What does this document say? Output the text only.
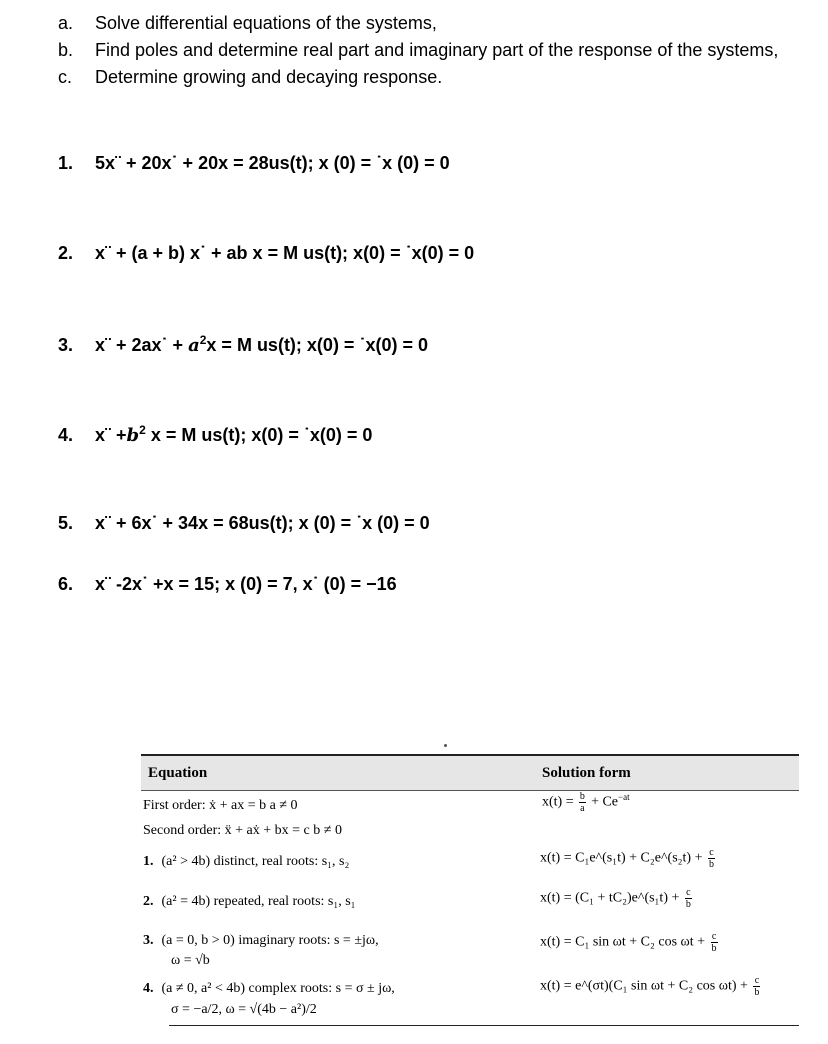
a. Solve differential equations of the systems,
b. Find poles and determine real part and imaginary part of the response of the systems,
c. Determine growing and decaying response.
1. 5x¨ + 20x˙ + 20x = 28us(t); x (0) = ˙x (0) = 0
2. x¨ + (a + b) x˙ + ab x = M us(t); x(0) = ˙x(0) = 0
3. x¨ + 2ax˙ + $a^2x = M$ us(t); x(0) = ˙x(0) = 0
4. x¨ $+b^2$ x = M us(t); x(0) = ˙x(0) = 0
5. x¨ + 6x˙ + 34x = 68us(t); x (0) = ˙x (0) = 0
6. x¨ -2x˙ +x = 15; x (0) = 7, x˙ (0) = −16
Equation	Solution form
First order: ẋ + ax = b a ≠ 0	$x(t) = \frac{b}{a} + Ce^{-at}$
Second order: ẍ + aẋ + bx = c b ≠ 0
1. (a² > 4b) distinct, real roots: s₁, s₂	x(t) = C₁e^(s₁t) + C₂e^(s₂t) + $\frac{c}{b}$
2. (a² = 4b) repeated, real roots: s₁, s₁	x(t) = (C₁ + tC₂)e^(s₁t) + $\frac{c}{b}$
3. (a = 0, b > 0) imaginary roots: s = ±jω,
ω = √b
x(t) = C₁ sin ωt + C₂ $\cos \omega t + \frac{c}{b}$
4. (a ≠ 0, a² < 4b) complex roots: s = σ ± jω,
σ = −a/2, ω = √(4b − a²)/2
x(t) = e^(σt)(C₁ sin ωt + C₂ $\cos \omega t) + \frac{c}{b}$
